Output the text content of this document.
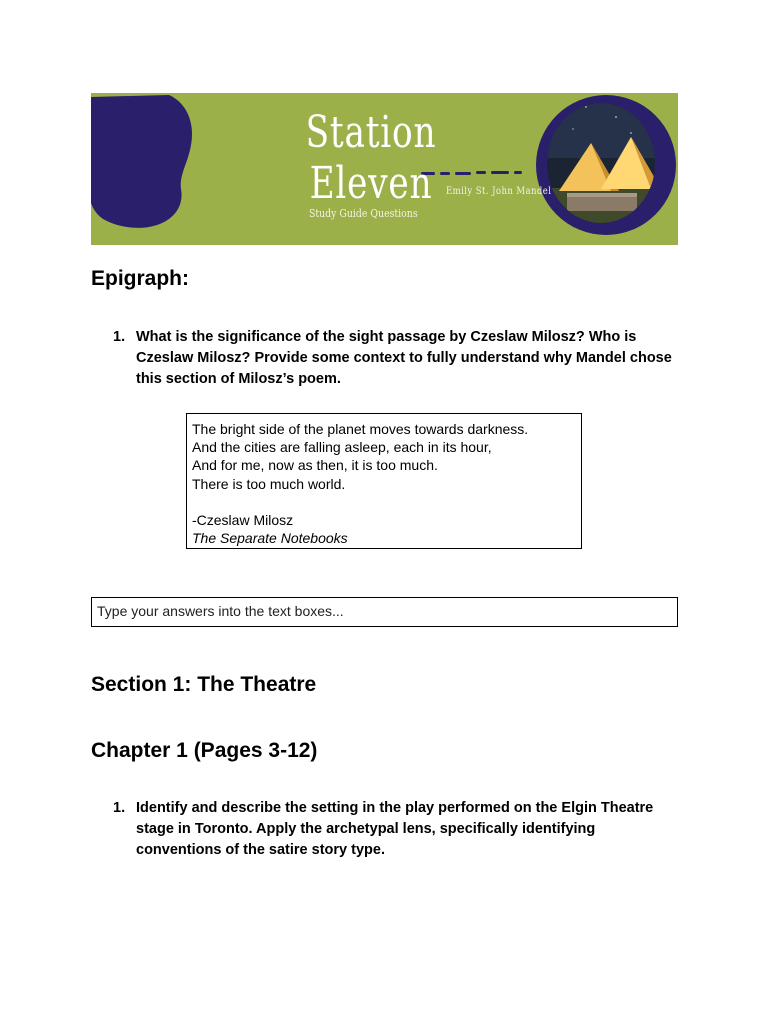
Station Eleven	Emily St. John Mandel
Study Guide Questions
Epigraph:
1. What is the significance of the sight passage by Czeslaw Milosz? Who is Czeslaw Milosz? Provide some context to fully understand why Mandel chose this section of Milosz’s poem.
The bright side of the planet moves towards darkness.
And the cities are falling asleep, each in its hour,
And for me, now as then, it is too much.
There is too much world.

-Czeslaw Milosz
The Separate Notebooks
Type your answers into the text boxes...
Section 1: The Theatre
Chapter 1 (Pages 3-12)
1. Identify and describe the setting in the play performed on the Elgin Theatre stage in Toronto. Apply the archetypal lens, specifically identifying conventions of the satire story type.
